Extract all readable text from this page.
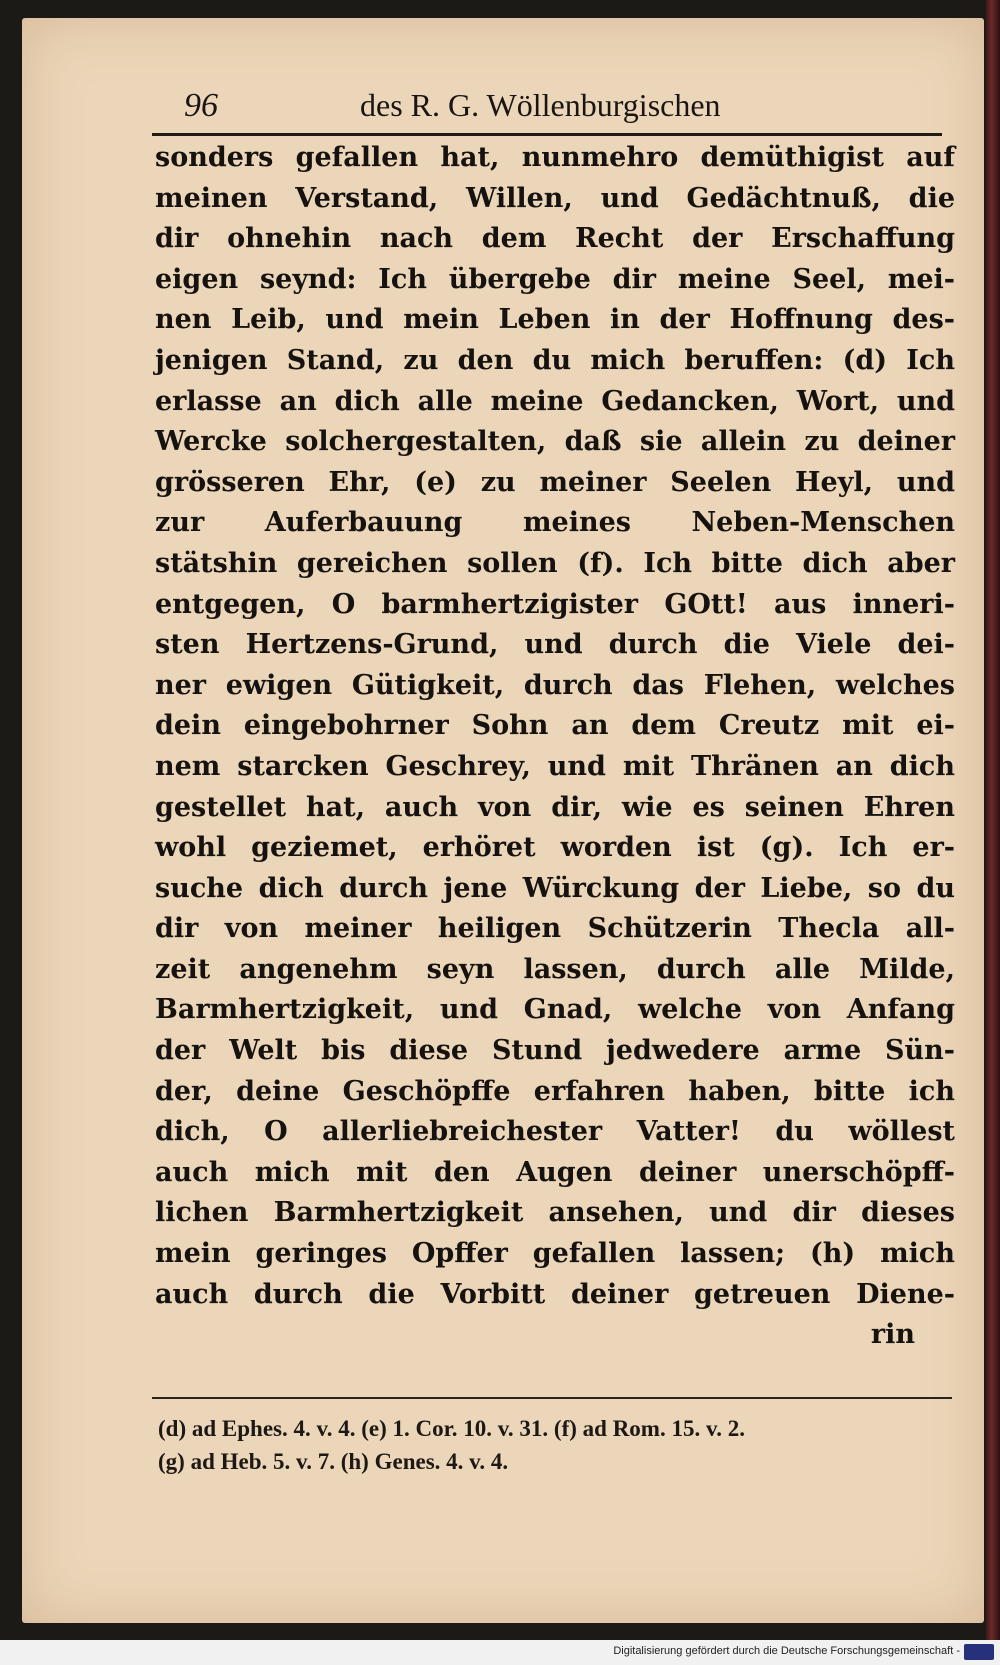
96	des R. G. Wöllenburgischen
sonders gefallen hat, nunmehro demüthigist auf
meinen Verstand, Willen, und Gedächtnuß, die
dir ohnehin nach dem Recht der Erschaffung
eigen seynd: Ich übergebe dir meine Seel, mei-
nen Leib, und mein Leben in der Hoffnung des-
jenigen Stand, zu den du mich beruffen: (d) Ich
erlasse an dich alle meine Gedancken, Wort, und
Wercke solchergestalten, daß sie allein zu deiner
grösseren Ehr, (e) zu meiner Seelen Heyl, und
zur Auferbauung meines Neben-Menschen
stätshin gereichen sollen (f). Ich bitte dich aber
entgegen, O barmhertzigister GOtt! aus inneri-
sten Hertzens-Grund, und durch die Viele dei-
ner ewigen Gütigkeit, durch das Flehen, welches
dein eingebohrner Sohn an dem Creutz mit ei-
nem starcken Geschrey, und mit Thränen an dich
gestellet hat, auch von dir, wie es seinen Ehren
wohl geziemet, erhöret worden ist (g). Ich er-
suche dich durch jene Würckung der Liebe, so du
dir von meiner heiligen Schützerin Thecla all-
zeit angenehm seyn lassen, durch alle Milde,
Barmhertzigkeit, und Gnad, welche von Anfang
der Welt bis diese Stund jedwedere arme Sün-
der, deine Geschöpffe erfahren haben, bitte ich
dich, O allerliebreichester Vatter! du wöllest
auch mich mit den Augen deiner unerschöpff-
lichen Barmhertzigkeit ansehen, und dir dieses
mein geringes Opffer gefallen lassen; (h) mich
auch durch die Vorbitt deiner getreuen Diene-
rin
(d) ad Ephes. 4. v. 4. (e) 1. Cor. 10. v. 31. (f) ad Rom. 15. v. 2.
(g) ad Heb. 5. v. 7. (h) Genes. 4. v. 4.
Digitalisierung gefördert durch die Deutsche Forschungsgemeinschaft -
